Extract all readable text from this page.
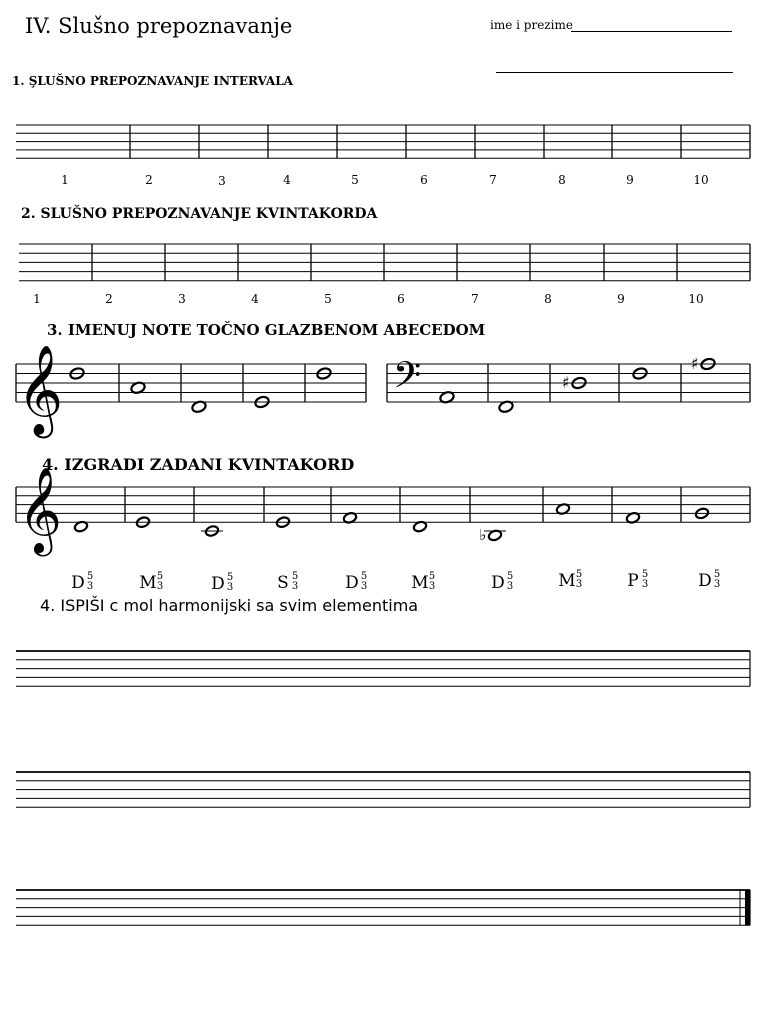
IV. Slušno prepoznavanje	ime i prezime
1. ŞLUŠNO PREPOZNAVANJE INTERVALA
2. SLUŠNO PREPOZNAVANJE KVINTAKORDA
3. IMENUJ NOTE TOČNO GLAZBENOM ABECEDOM
4. IZGRADI ZADANI KVINTAKORD
4. ISPIŠI c mol harmonijski sa svim elementima
1	2	3	4	5	6	7	8	9	10
1	2	3	4	5	6	7	8	9	10
𝄞	𝄢	♯
♯
𝄞	♭
D 5
3	M 5
3	D 5
3	S 5
3	D 5
3	M 5
3	D 5
3	M 5
3	P 5
3	D 5
3
